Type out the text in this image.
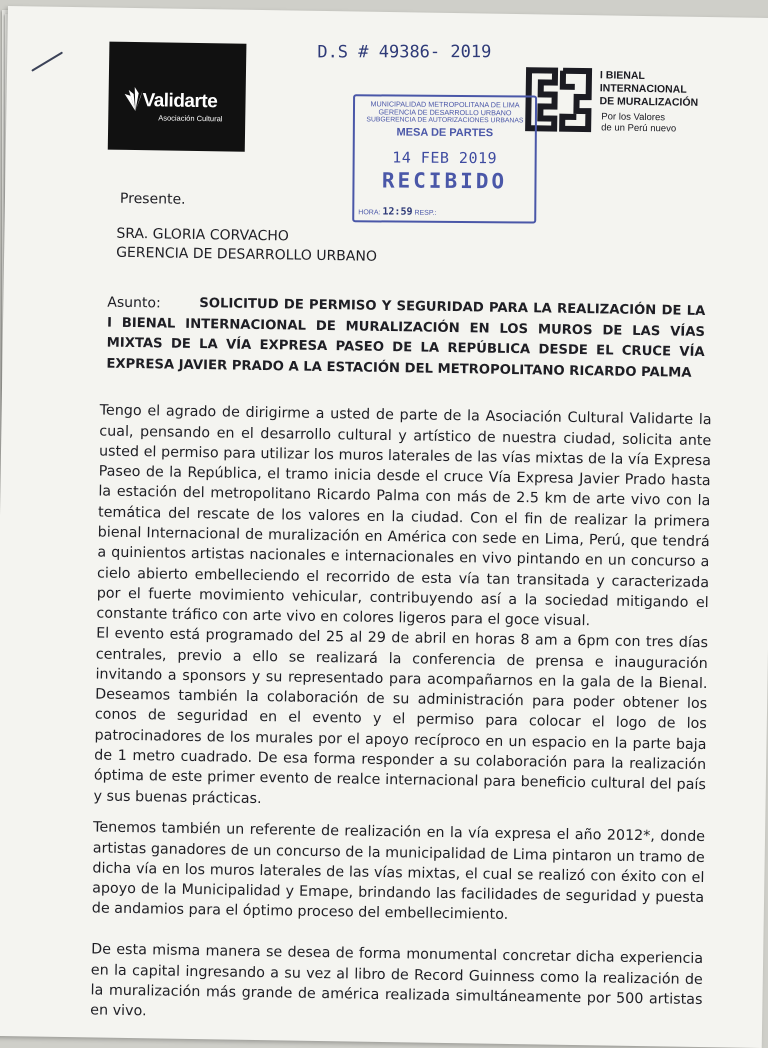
Validarte
Asociación Cultural
D.S # 49386- 2019
I BIENAL
INTERNACIONAL
DE MURALIZACIÓN
Por los Valores
de un Perú nuevo
MUNICIPALIDAD METROPOLITANA DE LIMA
GERENCIA DE DESARROLLO URBANO
SUBGERENCIA DE AUTORIZACIONES URBANAS
MESA DE PARTES
14 FEB 2019
RECIBIDO
HORA: 12:59 RESP.:
Presente.
SRA. GLORIA CORVACHO
GERENCIA DE DESARROLLO URBANO
Asunto:	SOLICITUD DE PERMISO Y SEGURIDAD PARA LA REALIZACIÓN DE LA I BIENAL INTERNACIONAL DE MURALIZACIÓN EN LOS MUROS DE LAS VÍAS MIXTAS DE LA VÍA EXPRESA PASEO DE LA REPÚBLICA DESDE EL CRUCE VÍA EXPRESA JAVIER PRADO A LA ESTACIÓN DEL METROPOLITANO RICARDO PALMA

Tengo el agrado de dirigirme a usted de parte de la Asociación Cultural Validarte la cual, pensando en el desarrollo cultural y artístico de nuestra ciudad, solicita ante usted el permiso para utilizar los muros laterales de las vías mixtas de la vía Expresa Paseo de la República, el tramo inicia desde el cruce Vía Expresa Javier Prado hasta la estación del metropolitano Ricardo Palma con más de 2.5 km de arte vivo con la temática del rescate de los valores en la ciudad. Con el fin de realizar la primera bienal Internacional de muralización en América con sede en Lima, Perú, que tendrá a quinientos artistas nacionales e internacionales en vivo pintando en un concurso a cielo abierto embelleciendo el recorrido de esta vía tan transitada y caracterizada por el fuerte movimiento vehicular, contribuyendo así a la sociedad mitigando el constante tráfico con arte vivo en colores ligeros para el goce visual.

El evento está programado del 25 al 29 de abril en horas 8 am a 6pm con tres días centrales, previo a ello se realizará la conferencia de prensa e inauguración invitando a sponsors y su representado para acompañarnos en la gala de la Bienal. Deseamos también la colaboración de su administración para poder obtener los conos de seguridad en el evento y el permiso para colocar el logo de los patrocinadores de los murales por el apoyo recíproco en un espacio en la parte baja de 1 metro cuadrado. De esa forma responder a su colaboración para la realización óptima de este primer evento de realce internacional para beneficio cultural del país y sus buenas prácticas.

Tenemos también un referente de realización en la vía expresa el año 2012*, donde artistas ganadores de un concurso de la municipalidad de Lima pintaron un tramo de dicha vía en los muros laterales de las vías mixtas, el cual se realizó con éxito con el apoyo de la Municipalidad y Emape, brindando las facilidades de seguridad y puesta de andamios para el óptimo proceso del embellecimiento.

De esta misma manera se desea de forma monumental concretar dicha experiencia en la capital ingresando a su vez al libro de Record Guinness como la realización de la muralización más grande de américa realizada simultáneamente por 500 artistas en vivo.
